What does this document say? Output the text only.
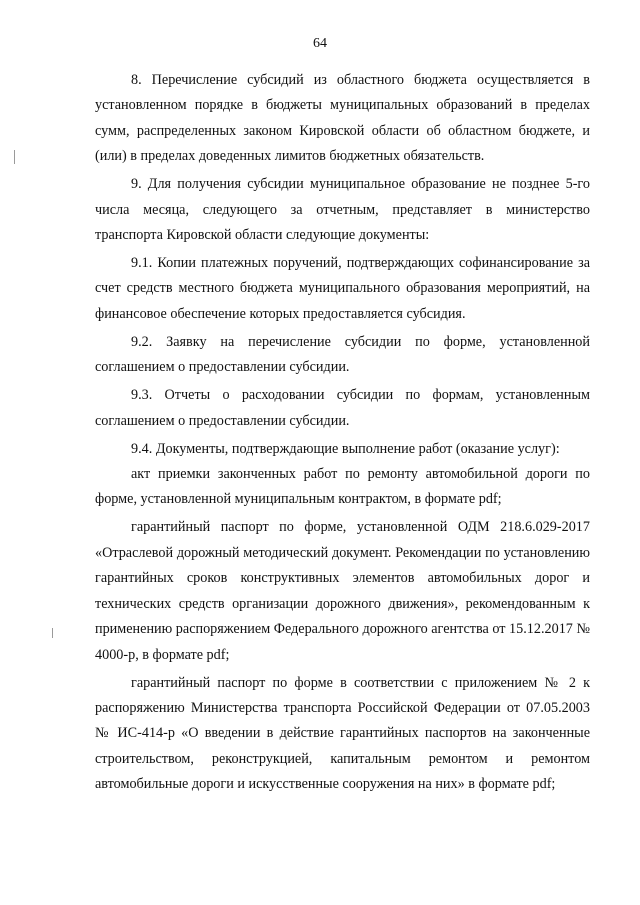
64

8. Перечисление субсидий из областного бюджета осуществляется в установленном порядке в бюджеты муниципальных образований в пределах сумм, распределенных законом Кировской области об областном бюджете, и (или) в пределах доведенных лимитов бюджетных обязательств.

9. Для получения субсидии муниципальное образование не позднее 5-го числа месяца, следующего за отчетным, представляет в министерство транспорта Кировской области следующие документы:

9.1. Копии платежных поручений, подтверждающих софинансирование за счет средств местного бюджета муниципального образования мероприятий, на финансовое обеспечение которых предоставляется субсидия.

9.2. Заявку на перечисление субсидии по форме, установленной соглашением о предоставлении субсидии.

9.3. Отчеты о расходовании субсидии по формам, установленным соглашением о предоставлении субсидии.

9.4. Документы, подтверждающие выполнение работ (оказание услуг):

акт приемки законченных работ по ремонту автомобильной дороги по форме, установленной муниципальным контрактом, в формате pdf;

гарантийный паспорт по форме, установленной ОДМ 218.6.029-2017 «Отраслевой дорожный методический документ. Рекомендации по установлению гарантийных сроков конструктивных элементов автомобильных дорог и технических средств организации дорожного движения», рекомендованным к применению распоряжением Федерального дорожного агентства от 15.12.2017 № 4000-р, в формате pdf;

гарантийный паспорт по форме в соответствии с приложением № 2 к распоряжению Министерства транспорта Российской Федерации от 07.05.2003 № ИС-414-р «О введении в действие гарантийных паспортов на законченные строительством, реконструкцией, капитальным ремонтом и ремонтом автомобильные дороги и искусственные сооружения на них» в формате pdf;
